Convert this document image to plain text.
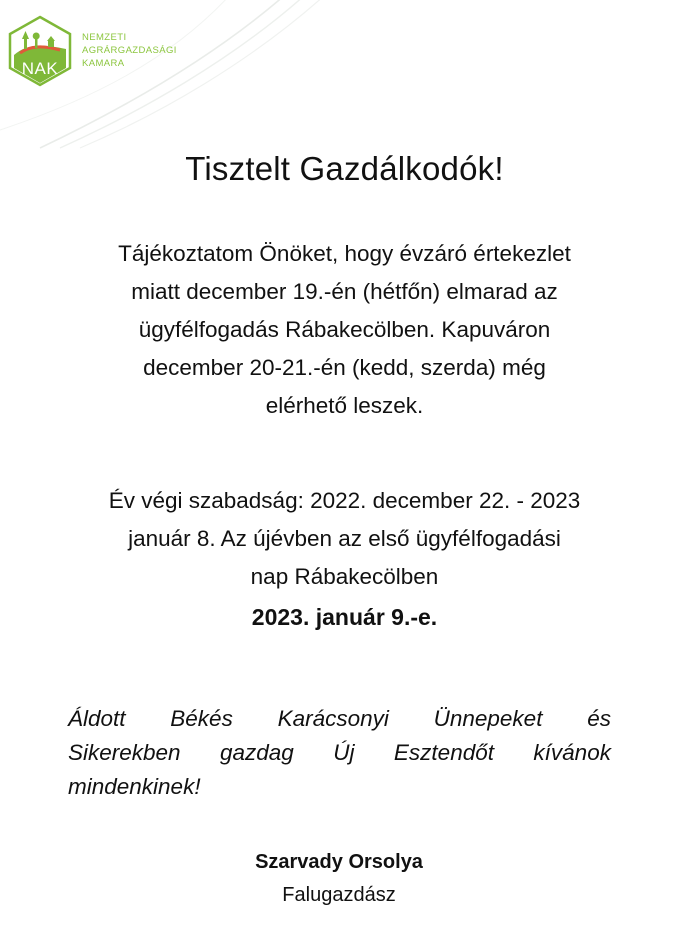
NAK
NEMZETI
AGRÁRGAZDASÁGI
KAMARA
Tisztelt Gazdálkodók!
Tájékoztatom Önöket, hogy évzáró értekezlet
miatt december 19.-én (hétfőn) elmarad az
ügyfélfogadás Rábakecölben. Kapuváron
december 20-21.-én (kedd, szerda) még
elérhető leszek.
Év végi szabadság: 2022. december 22. - 2023
január 8. Az újévben az első ügyfélfogadási
nap Rábakecölben
2023. január 9.-e.
Áldott Békés Karácsonyi Ünnepeket és
Sikerekben gazdag Új Esztendőt kívánok
mindenkinek!
Szarvady Orsolya
Falugazdász
